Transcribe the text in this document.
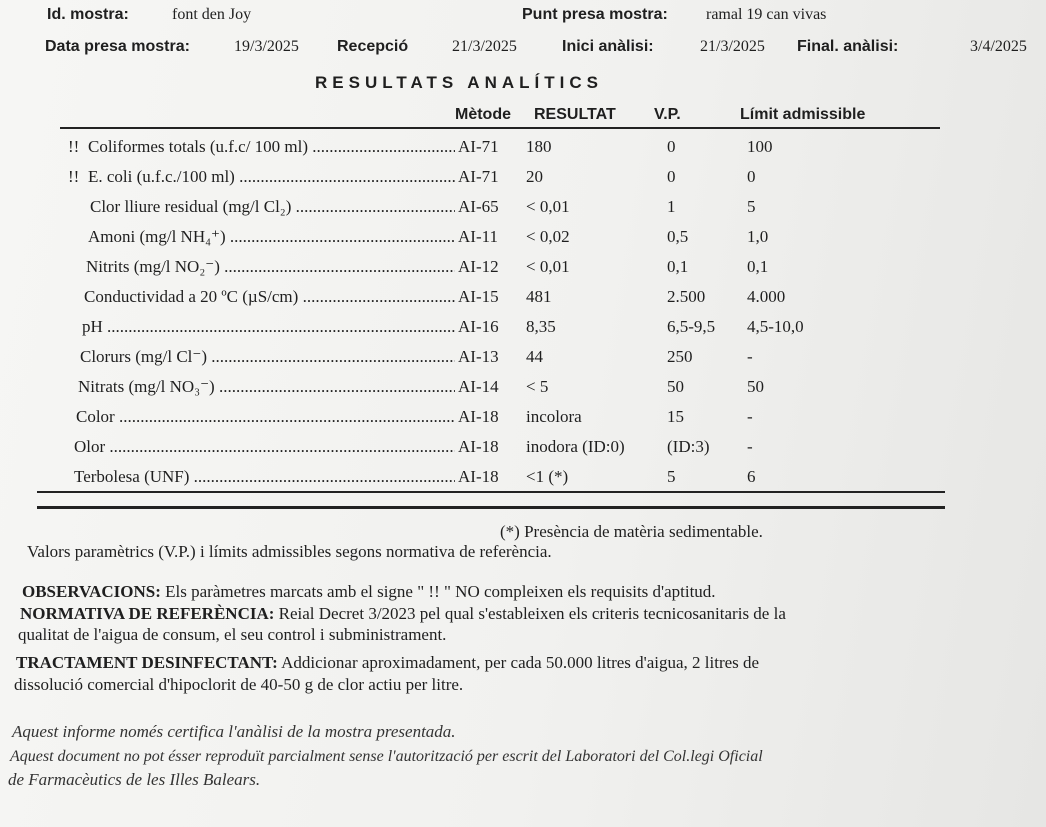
Id. mostra:	font den Joy	Punt presa mostra: ramal 19 can vivas
Data presa mostra:	19/3/2025 Recepció	21/3/2025	Inici anàlisi:	21/3/2025 Final. anàlisi:	3/4/2025
RESULTATS ANALÍTICS
Mètode RESULTAT V.P.	Límit admissible
!! Coliformes totals (u.f.c/ 100 ml) .....	AI-71 180	0	100
!! E. coli (u.f.c./100 ml) .....	AI-71 20	0	0
Clor lliure residual (mg/l Cl₂) .....	AI-65 < 0,01	1	5
Amoni (mg/l NH₄⁺) .....	AI-11 < 0,02	0,5	1,0
Nitrits (mg/l NO₂⁻) .....	AI-12 < 0,01	0,1	0,1
Conductividad a 20 ºC (µS/cm) .....	AI-15 481	2.500 4.000
pH .....	AI-16 8,35	6,5-9,5 4,5-10,0
Clorurs (mg/l Cl⁻) .....	AI-13 44	250	-
Nitrats (mg/l NO₃⁻) .....	AI-14 < 5	50	50
Color .....	AI-18 incolora	15	-
Olor .....	AI-18 inodora (ID:0) (ID:3) -
Terbolesa (UNF) .....	AI-18 <1 (*)	5	6
(*) Presència de matèria sedimentable.
Valors paramètrics (V.P.) i límits admissibles segons normativa de referència.
OBSERVACIONS: Els paràmetres marcats amb el signe " !! " NO compleixen els requisits d'aptitud.
NORMATIVA DE REFERÈNCIA: Reial Decret 3/2023 pel qual s'estableixen els criteris tecnicosanitaris de la
qualitat de l'aigua de consum, el seu control i subministrament.
TRACTAMENT DESINFECTANT: Addicionar aproximadament, per cada 50.000 litres d'aigua, 2 litres de
dissolució comercial d'hipoclorit de 40-50 g de clor actiu per litre.
Aquest informe només certifica l'anàlisi de la mostra presentada.
Aquest document no pot ésser reproduït parcialment sense l'autorització per escrit del Laboratori del Col.legi Oficial
de Farmacèutics de les Illes Balears.
